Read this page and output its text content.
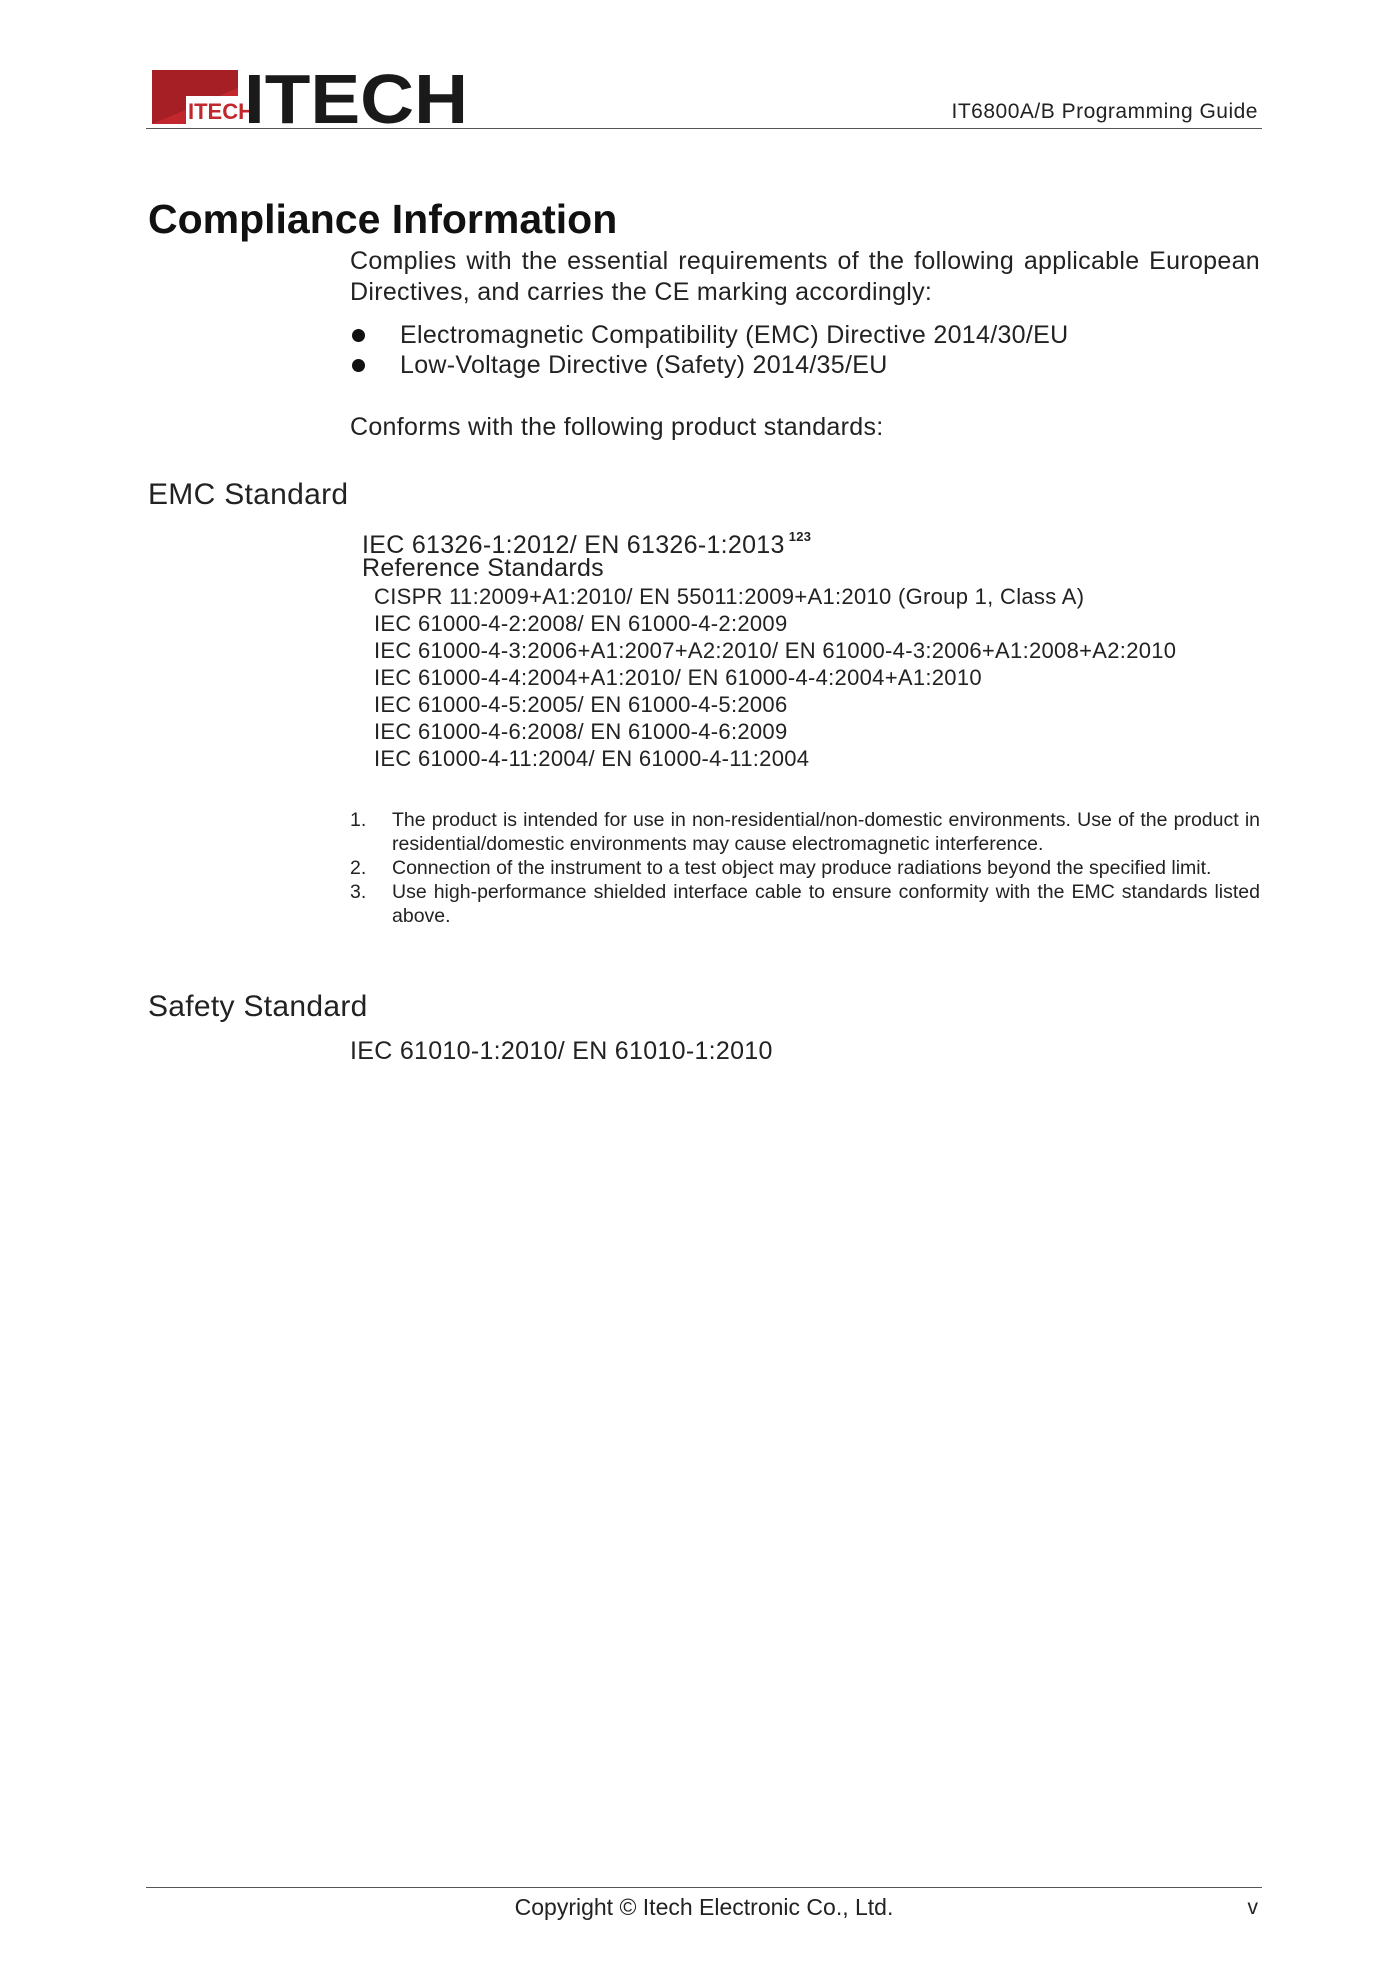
ITECH
ITECH	IT6800A/B Programming Guide
Compliance Information

Complies with the essential requirements of the following applicable European Directives, and carries the CE marking accordingly:

Electromagnetic Compatibility (EMC) Directive 2014/30/EU
Low-Voltage Directive (Safety) 2014/35/EU

Conforms with the following product standards:

EMC Standard
IEC 61326-1:2012/ EN 61326-1:2013 $^{123}$
Reference Standards
CISPR 11:2009+A1:2010/ EN 55011:2009+A1:2010 (Group 1, Class A)
IEC 61000-4-2:2008/ EN 61000-4-2:2009
IEC 61000-4-3:2006+A1:2007+A2:2010/ EN 61000-4-3:2006+A1:2008+A2:2010
IEC 61000-4-4:2004+A1:2010/ EN 61000-4-4:2004+A1:2010
IEC 61000-4-5:2005/ EN 61000-4-5:2006
IEC 61000-4-6:2008/ EN 61000-4-6:2009
IEC 61000-4-11:2004/ EN 61000-4-11:2004
1. The product is intended for use in non-residential/non-domestic environments. Use of the product in residential/domestic environments may cause electromagnetic interference.
2. Connection of the instrument to a test object may produce radiations beyond the specified limit.
3. Use high-performance shielded interface cable to ensure conformity with the EMC standards listed above.
Safety Standard
IEC 61010-1:2010/ EN 61010-1:2010
Copyright © Itech Electronic Co., Ltd.	v
